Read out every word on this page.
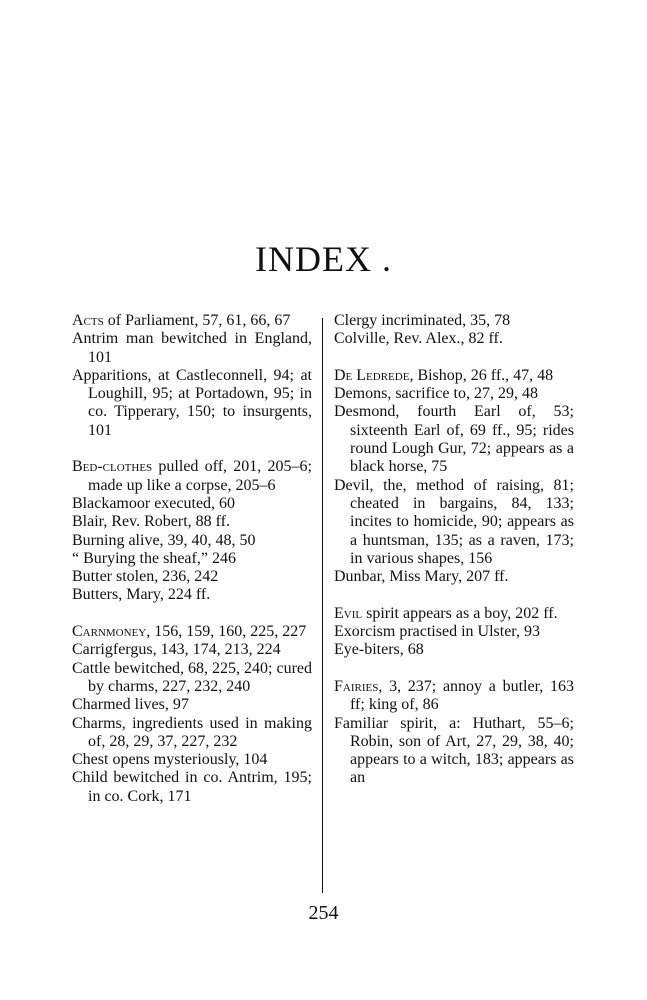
INDEX .
Acts of Parliament, 57, 61, 66, 67
Antrim man bewitched in England, 101
Apparitions, at Castleconnell, 94; at Loughill, 95; at Portadown, 95; in co. Tipperary, 150; to insurgents, 101
Bed-clothes pulled off, 201, 205–6; made up like a corpse, 205–6
Blackamoor executed, 60
Blair, Rev. Robert, 88 ff.
Burning alive, 39, 40, 48, 50
“ Burying the sheaf,” 246
Butter stolen, 236, 242
Butters, Mary, 224 ff.
Carnmoney, 156, 159, 160, 225, 227
Carrigfergus, 143, 174, 213, 224
Cattle bewitched, 68, 225, 240; cured by charms, 227, 232, 240
Charmed lives, 97
Charms, ingredients used in making of, 28, 29, 37, 227, 232
Chest opens mysteriously, 104
Child bewitched in co. Antrim, 195; in co. Cork, 171
Clergy incriminated, 35, 78
Colville, Rev. Alex., 82 ff.
De Ledrede, Bishop, 26 ff., 47, 48
Demons, sacrifice to, 27, 29, 48
Desmond, fourth Earl of, 53; sixteenth Earl of, 69 ff., 95; rides round Lough Gur, 72; appears as a black horse, 75
Devil, the, method of raising, 81; cheated in bargains, 84, 133; incites to homicide, 90; appears as a huntsman, 135; as a raven, 173; in various shapes, 156
Dunbar, Miss Mary, 207 ff.
Evil spirit appears as a boy, 202 ff.
Exorcism practised in Ulster, 93
Eye-biters, 68
Fairies, 3, 237; annoy a butler, 163 ff; king of, 86
Familiar spirit, a: Huthart, 55–6; Robin, son of Art, 27, 29, 38, 40; appears to a witch, 183; appears as an
254
